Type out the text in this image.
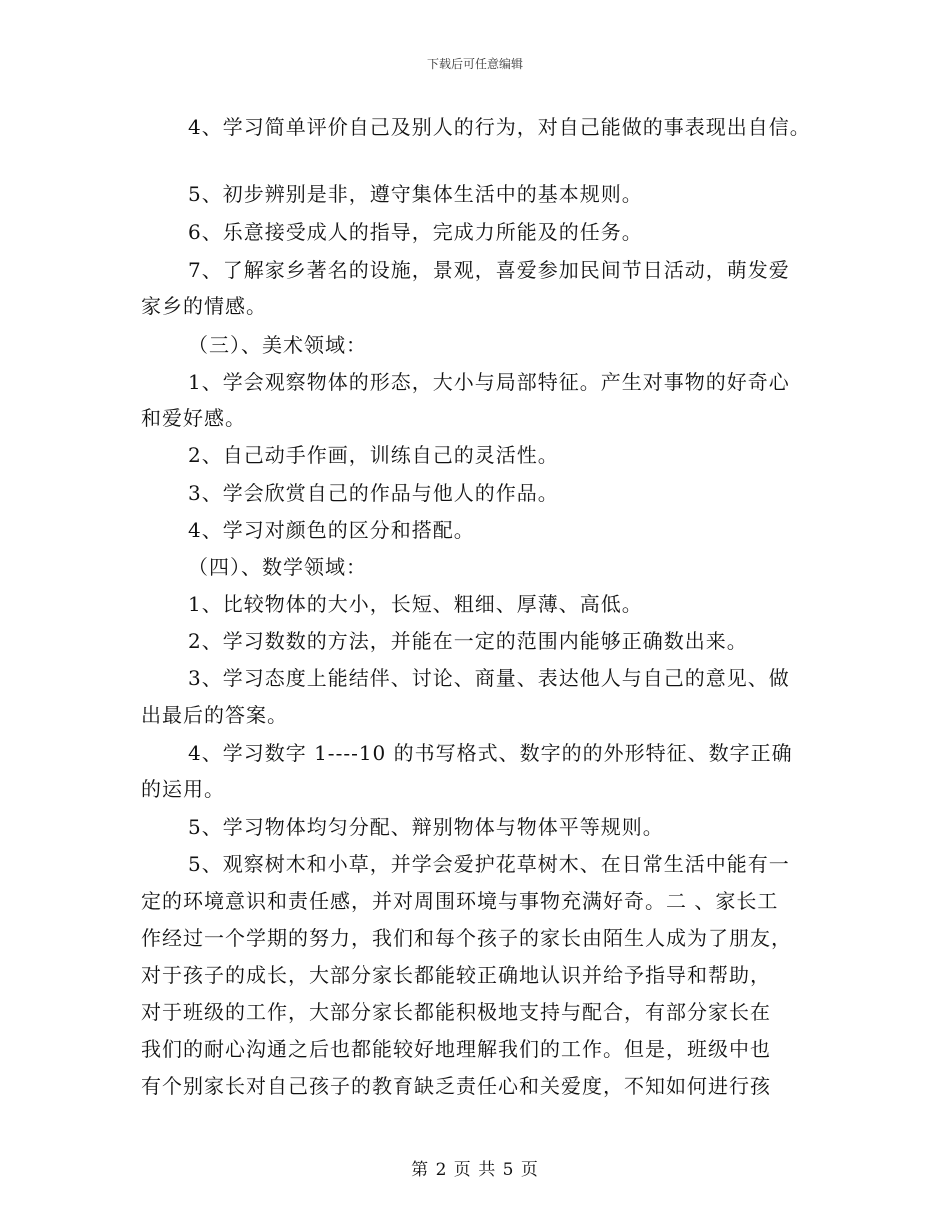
下载后可任意编辑
4、学习简单评价自己及别人的行为，对自己能做的事表现出自信。
5、初步辨别是非，遵守集体生活中的基本规则。
6、乐意接受成人的指导，完成力所能及的任务。
7、了解家乡著名的设施，景观，喜爱参加民间节日活动，萌发爱
家乡的情感。
（三）、美术领域：
1、学会观察物体的形态，大小与局部特征。产生对事物的好奇心
和爱好感。
2、自己动手作画，训练自己的灵活性。
3、学会欣赏自己的作品与他人的作品。
4、学习对颜色的区分和搭配。
（四）、数学领域：
1、比较物体的大小，长短、粗细、厚薄、高低。
2、学习数数的方法，并能在一定的范围内能够正确数出来。
3、学习态度上能结伴、讨论、商量、表达他人与自己的意见、做
出最后的答案。
4、学习数字 1----10 的书写格式、数字的的外形特征、数字正确
的运用。
5、学习物体均匀分配、辩别物体与物体平等规则。
5、观察树木和小草，并学会爱护花草树木、在日常生活中能有一
定的环境意识和责任感，并对周围环境与事物充满好奇。二 、家长工
作经过一个学期的努力，我们和每个孩子的家长由陌生人成为了朋友，
对于孩子的成长，大部分家长都能较正确地认识并给予指导和帮助，
对于班级的工作，大部分家长都能积极地支持与配合，有部分家长在
我们的耐心沟通之后也都能较好地理解我们的工作。但是，班级中也
有个别家长对自己孩子的教育缺乏责任心和关爱度，不知如何进行孩
第 2 页 共 5 页
